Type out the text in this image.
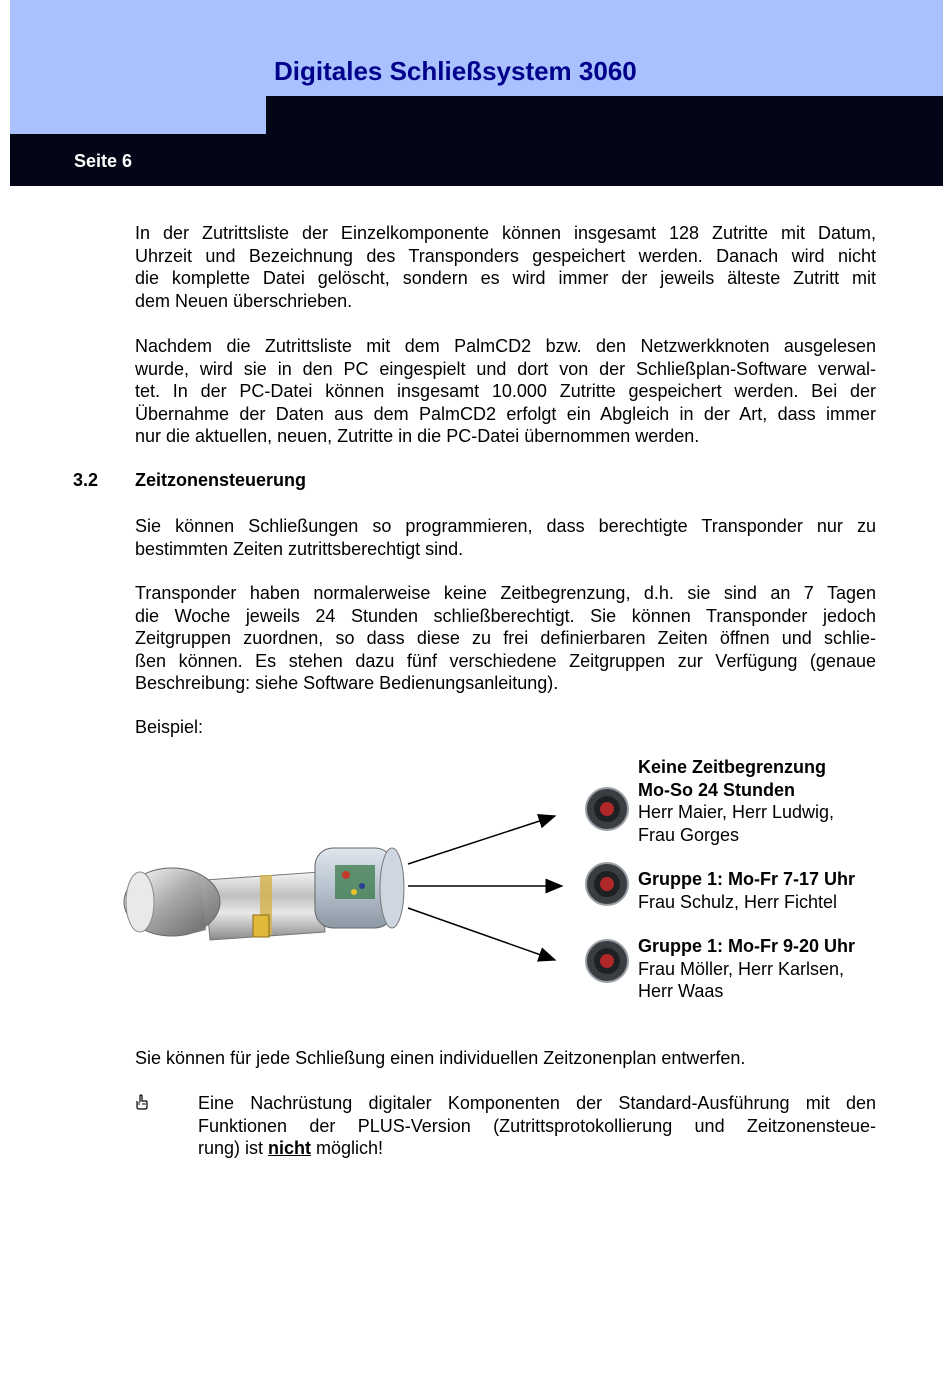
Digitales Schließsystem 3060
Seite 6
In der Zutrittsliste der Einzelkomponente können insgesamt 128 Zutritte mit Datum,
Uhrzeit und Bezeichnung des Transponders gespeichert werden. Danach wird nicht
die komplette Datei gelöscht, sondern es wird immer der jeweils älteste Zutritt mit
dem Neuen überschrieben.
Nachdem die Zutrittsliste mit dem PalmCD2 bzw. den Netzwerkknoten ausgelesen
wurde, wird sie in den PC eingespielt und dort von der Schließplan-Software verwal-
tet. In der PC-Datei können insgesamt 10.000 Zutritte gespeichert werden. Bei der
Übernahme der Daten aus dem PalmCD2 erfolgt ein Abgleich in der Art, dass immer
nur die aktuellen, neuen, Zutritte in die PC-Datei übernommen werden.
3.2 Zeitzonensteuerung
Sie können Schließungen so programmieren, dass berechtigte Transponder nur zu
bestimmten Zeiten zutrittsberechtigt sind.
Transponder haben normalerweise keine Zeitbegrenzung, d.h. sie sind an 7 Tagen
die Woche jeweils 24 Stunden schließberechtigt. Sie können Transponder jedoch
Zeitgruppen zuordnen, so dass diese zu frei definierbaren Zeiten öffnen und schlie-
ßen können. Es stehen dazu fünf verschiedene Zeitgruppen zur Verfügung (genaue
Beschreibung: siehe Software Bedienungsanleitung).
Beispiel:
Keine Zeitbegrenzung
Mo-So 24 Stunden
Herr Maier, Herr Ludwig,
Frau Gorges
Gruppe 1: Mo-Fr 7-17 Uhr
Frau Schulz, Herr Fichtel
Gruppe 1: Mo-Fr 9-20 Uhr
Frau Möller, Herr Karlsen,
Herr Waas
Sie können für jede Schließung einen individuellen Zeitzonenplan entwerfen.
Eine Nachrüstung digitaler Komponenten der Standard-Ausführung mit den
Funktionen der PLUS-Version (Zutrittsprotokollierung und Zeitzonensteue-
rung) ist nicht möglich!
